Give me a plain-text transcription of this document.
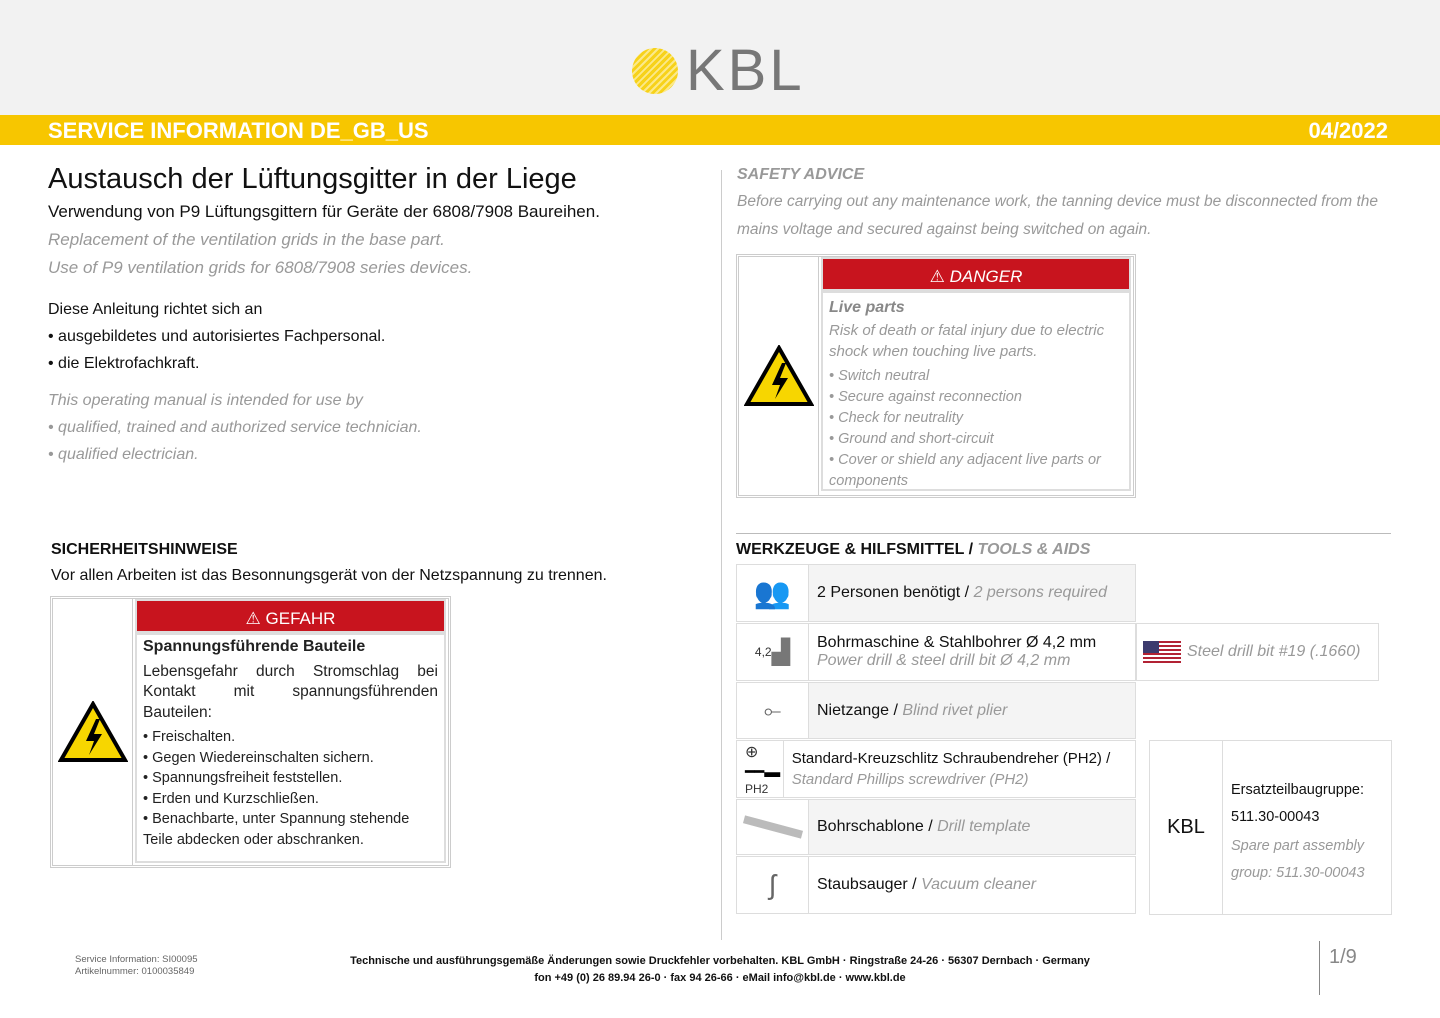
KBL
SERVICE INFORMATION DE_GB_US	04/2022
Austausch der Lüftungsgitter in der Liege
Verwendung von P9 Lüftungsgittern für Geräte der 6808/7908 Baureihen.
Replacement of the ventilation grids in the base part.
Use of P9 ventilation grids for 6808/7908 series devices.
Diese Anleitung richtet sich an
• ausgebildetes und autorisiertes Fachpersonal.
• die Elektrofachkraft.
This operating manual is intended for use by
• qualified, trained and authorized service technician.
• qualified electrician.
SAFETY ADVICE
Before carrying out any maintenance work, the tanning device must be disconnected from the mains voltage and secured against being switched on again.
⚠ DANGER
Live parts
Risk of death or fatal injury due to electric shock when touching live parts.
• Switch neutral
• Secure against reconnection
• Check for neutrality
• Ground and short-circuit
• Cover or shield any adjacent live parts or components
SICHERHEITSHINWEISE
Vor allen Arbeiten ist das Besonnungsgerät von der Netzspannung zu trennen.
⚠ GEFAHR
Spannungsführende Bauteile
Lebensgefahr durch Stromschlag bei Kontakt mit spannungsführenden Bauteilen:
• Freischalten.
• Gegen Wiedereinschalten sichern.
• Spannungsfreiheit feststellen.
• Erden und Kurzschließen.
• Benachbarte, unter Spannung stehende Teile abdecken oder abschranken.
WERKZEUGE & HILFSMITTEL / TOOLS & AIDS
👥 2 Personen benötigt / 2 persons required
4,2 ▟ Bohrmaschine & Stahlbohrer Ø 4,2 mm
Power drill & steel drill bit Ø 4,2 mm
Steel drill bit #19 (.1660)
⟜ Nietzange / Blind rivet plier
⊕ ━━▬
PH2
Standard-Kreuzschlitz Schraubendreher (PH2) / Standard Phillips screwdriver (PH2)
Bohrschablone / Drill template
ʃ	Staubsauger / Vacuum cleaner
KBL
Ersatzteilbaugruppe:
511.30-00043
Spare part assembly group: 511.30-00043
Service Information: SI00095
Artikelnummer: 0100035849
Technische und ausführungsgemäße Änderungen sowie Druckfehler vorbehalten. KBL GmbH · Ringstraße 24-26 · 56307 Dernbach · Germany
fon +49 (0) 26 89.94 26-0 · fax 94 26-66 · eMail info@kbl.de · www.kbl.de
1/9
